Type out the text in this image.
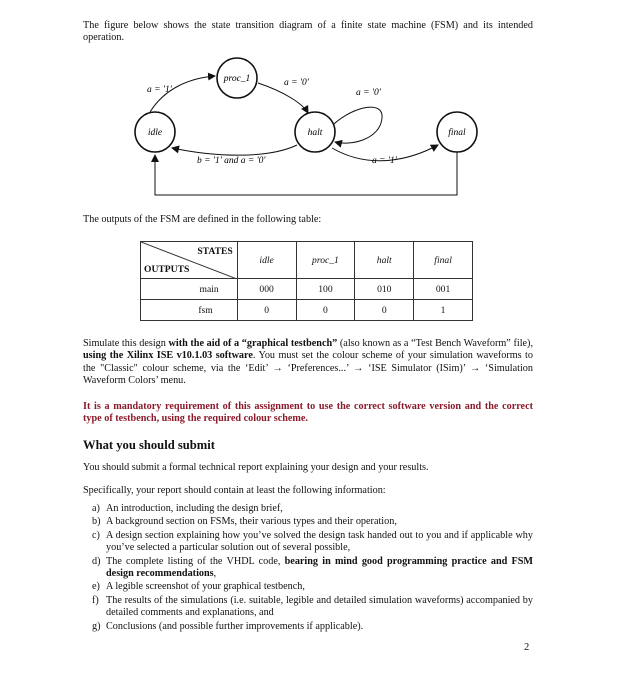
The figure below shows the state transition diagram of a finite state machine (FSM) and its intended operation.
proc_1
idle	halt	final
a = '1'
a = '0'
a = '0'
a = '1'
b = '1' and a = '0'
The outputs of the FSM are defined in the following table:
STATES
OUTPUTS	idle	proc_1	halt	final
main	000	100	010	001
fsm	0	0	0	1
Simulate this design with the aid of a “graphical testbench” (also known as a “Test Bench Waveform” file), using the Xilinx ISE v10.1.03 software. You must set the colour scheme of your simulation waveforms to the "Classic" colour scheme, via the ‘Edit’ → ‘Preferences...’ → ‘ISE Simulator (ISim)’ → ‘Simulation Waveform Colors’ menu.
It is a mandatory requirement of this assignment to use the correct software version and the correct type of testbench, using the required colour scheme.
What you should submit
You should submit a formal technical report explaining your design and your results.
Specifically, your report should contain at least the following information:
a) An introduction, including the design brief,
b) A background section on FSMs, their various types and their operation,
c) A design section explaining how you’ve solved the design task handed out to you and if applicable why you’ve selected a particular solution out of several possible,
d) The complete listing of the VHDL code, bearing in mind good programming practice and FSM design recommendations,
e) A legible screenshot of your graphical testbench,
f) The results of the simulations (i.e. suitable, legible and detailed simulation waveforms) accompanied by detailed comments and explanations, and
g) Conclusions (and possible further improvements if applicable).
2
